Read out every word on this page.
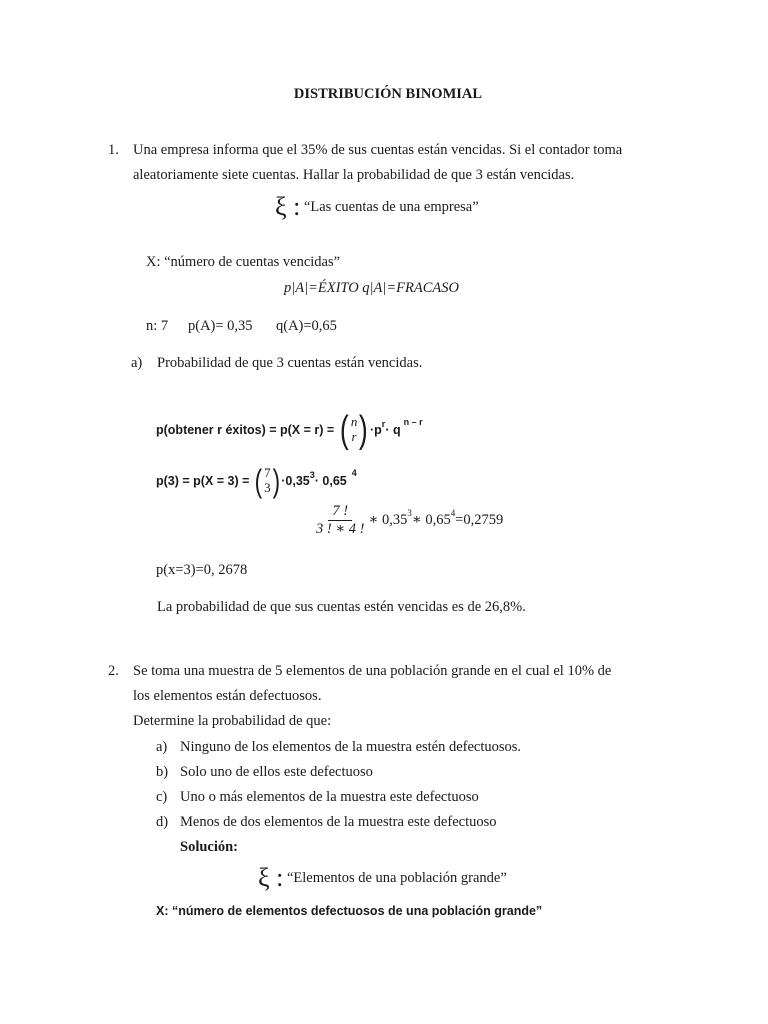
DISTRIBUCIÓN BINOMIAL
1. Una empresa informa que el 35% de sus cuentas están vencidas. Si el contador toma
aleatoriamente siete cuentas. Hallar la probabilidad de que 3 están vencidas.
ξ : “Las cuentas de una empresa”
X: “número de cuentas vencidas”
p|A|=ÉXITO q|A|=FRACASO
n: 7 p(A)= 0,35 q(A)=0,65
a) Probabilidad de que 3 cuentas están vencidas.
p(obtener r éxitos) = p(X = r) = ( n
r ) $\cdot p^r \cdot q$
$^{n - r}$
p(3) = p(X = 3) = ( 7
3 ) $\cdot 0,35^3 \cdot 0,65$
$^4$
$\frac{7 !}{3 ! ∗ 4 !}$ ∗ 0,35$^3$ ∗ $0,65^4 =0,2759$
p(x=3)=0, 2678
La probabilidad de que sus cuentas estén vencidas es de 26,8%.
2. Se toma una muestra de 5 elementos de una población grande en el cual el 10% de
los elementos están defectuosos.
Determine la probabilidad de que:
a) Ninguno de los elementos de la muestra estén defectuosos.
b) Solo uno de ellos este defectuoso
c) Uno o más elementos de la muestra este defectuoso
d) Menos de dos elementos de la muestra este defectuoso
Solución:
ξ : “Elementos de una población grande”
X: “número de elementos defectuosos de una población grande”
